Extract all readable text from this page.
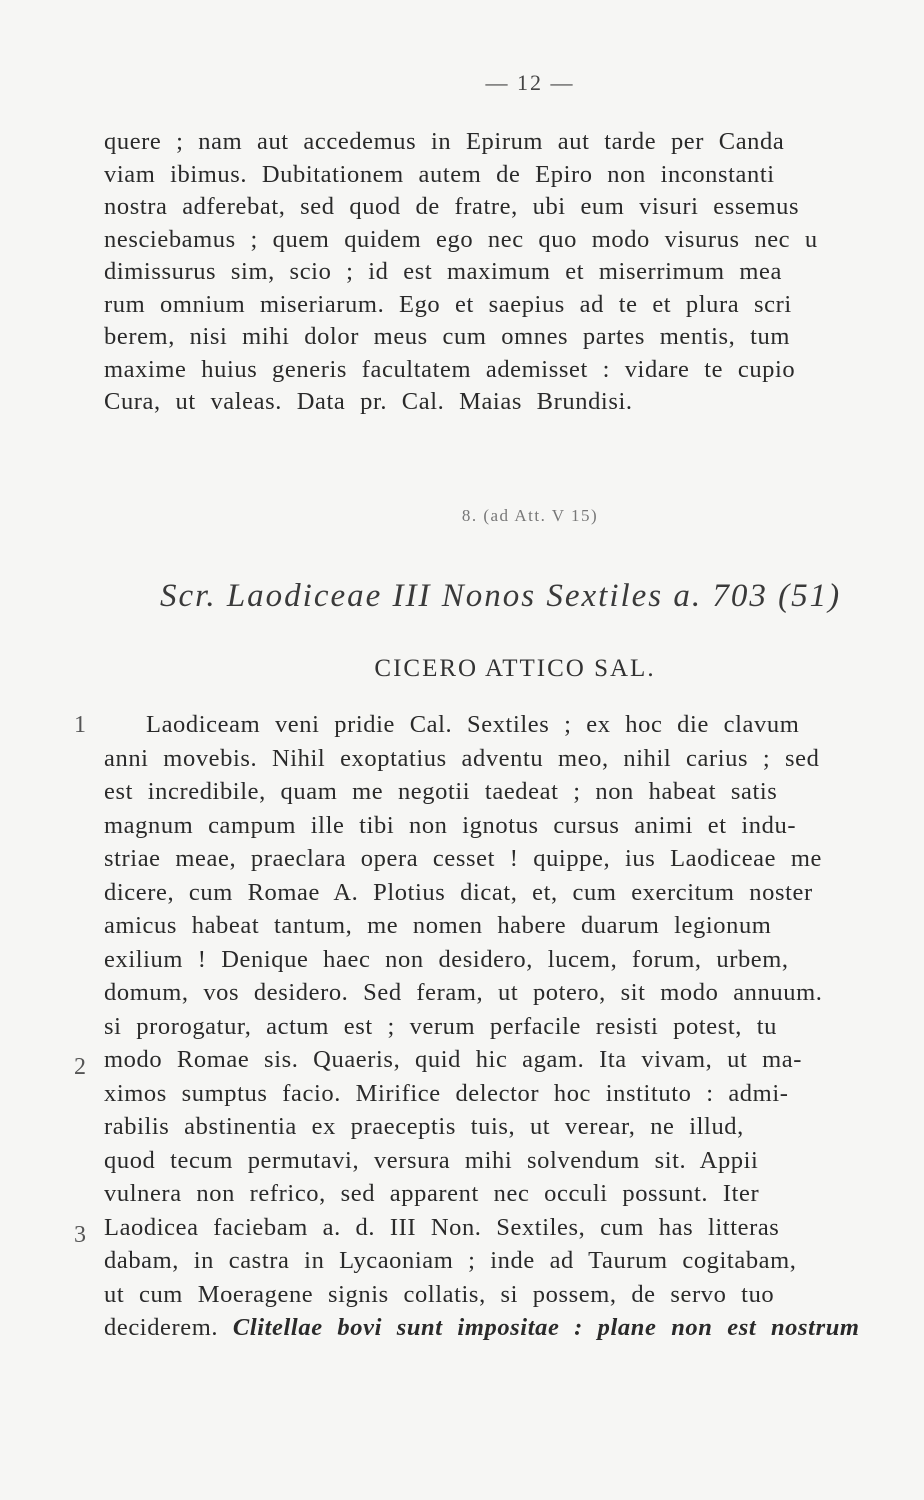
— 12 —
quere ; nam aut accedemus in Epirum aut tarde per Canda
viam ibimus. Dubitationem autem de Epiro non inconstanti
nostra adferebat, sed quod de fratre, ubi eum visuri essemus
nesciebamus ; quem quidem ego nec quo modo visurus nec u
dimissurus sim, scio ; id est maximum et miserrimum mea
rum omnium miseriarum. Ego et saepius ad te et plura scri
berem, nisi mihi dolor meus cum omnes partes mentis, tum
maxime huius generis facultatem ademisset : vidare te cupio
Cura, ut valeas. Data pr. Cal. Maias Brundisi.
8. (ad Att. V 15)
Scr. Laodiceae III Nonos Sextiles a. 703 (51)
CICERO ATTICO SAL.
1
2
3
Laodiceam veni pridie Cal. Sextiles ; ex hoc die clavum
anni movebis. Nihil exoptatius adventu meo, nihil carius ; sed
est incredibile, quam me negotii taedeat ; non habeat satis
magnum campum ille tibi non ignotus cursus animi et indu-
striae meae, praeclara opera cesset ! quippe, ius Laodiceae me
dicere, cum Romae A. Plotius dicat, et, cum exercitum noster
amicus habeat tantum, me nomen habere duarum legionum
exilium ! Denique haec non desidero, lucem, forum, urbem,
domum, vos desidero. Sed feram, ut potero, sit modo annuum.
si prorogatur, actum est ; verum perfacile resisti potest, tu
modo Romae sis. Quaeris, quid hic agam. Ita vivam, ut ma-
ximos sumptus facio. Mirifice delector hoc instituto : admi-
rabilis abstinentia ex praeceptis tuis, ut verear, ne illud,
quod tecum permutavi, versura mihi solvendum sit. Appii
vulnera non refrico, sed apparent nec occuli possunt. Iter
Laodicea faciebam a. d. III Non. Sextiles, cum has litteras
dabam, in castra in Lycaoniam ; inde ad Taurum cogitabam,
ut cum Moeragene signis collatis, si possem, de servo tuo
deciderem. Clitellae bovi sunt impositae : plane non est nostrum
